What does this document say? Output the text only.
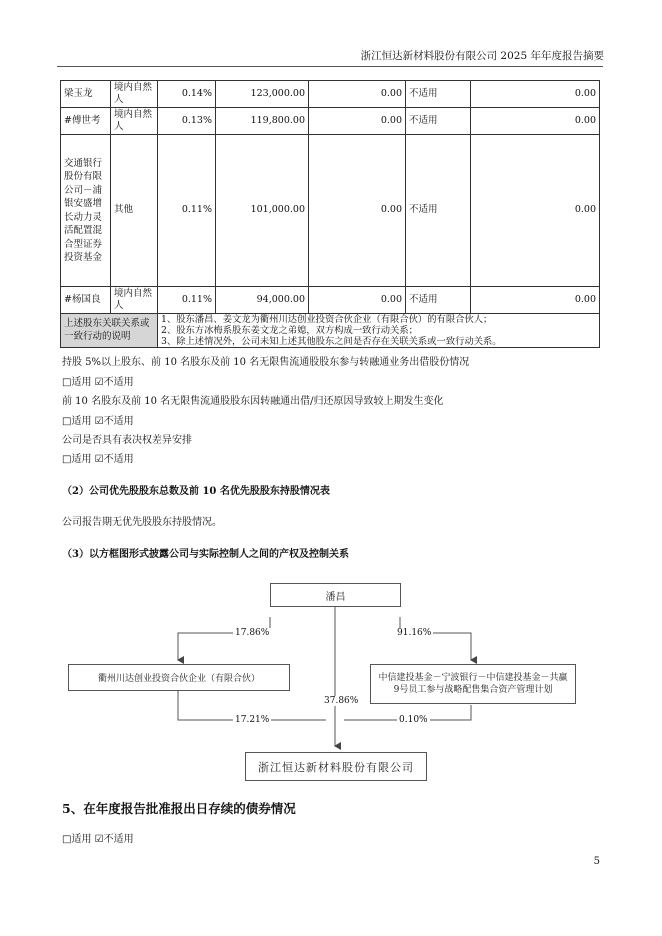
浙江恒达新材料股份有限公司 2025 年年度报告摘要
梁玉龙	境内自然人	0.14%	123,000.00	0.00	不适用	0.00
#傅世考	境内自然人	0.13%	119,800.00	0.00	不适用	0.00

交通银行股份有限公司－浦银安盛增长动力灵活配置混合型证券投资基金	其他	0.11%	101,000.00	0.00	不适用	0.00
#杨国良	境内自然人	0.11%	94,000.00	0.00	不适用	0.00
上述股东关联关系或一致行动的说明		1、股东潘昌、姜文龙为衢州川达创业投资合伙企业（有限合伙）的有限合伙人；
2、股东方冰梅系股东姜文龙之弟媳，双方构成一致行动关系；
3、除上述情况外，公司未知上述其他股东之间是否存在关联关系或一致行动关系。				
持股 5%以上股东、前 10 名股东及前 10 名无限售流通股股东参与转融通业务出借股份情况
□适用 ☑不适用
前 10 名股东及前 10 名无限售流通股股东因转融通出借/归还原因导致较上期发生变化
□适用 ☑不适用
公司是否具有表决权差异安排
□适用 ☑不适用
（2）公司优先股股东总数及前 10 名优先股股东持股情况表
公司报告期无优先股股东持股情况。
（3）以方框图形式披露公司与实际控制人之间的产权及控制关系
潘昌
衢州川达创业投资合伙企业（有限合伙）	中信建投基金－宁波银行－中信建投基金－共赢9号员工参与战略配售集合资产管理计划
浙江恒达新材料股份有限公司
17.86%	91.16%
37.86%
17.21%	0.10%
5、在年度报告批准报出日存续的债券情况
□适用 ☑不适用
5
